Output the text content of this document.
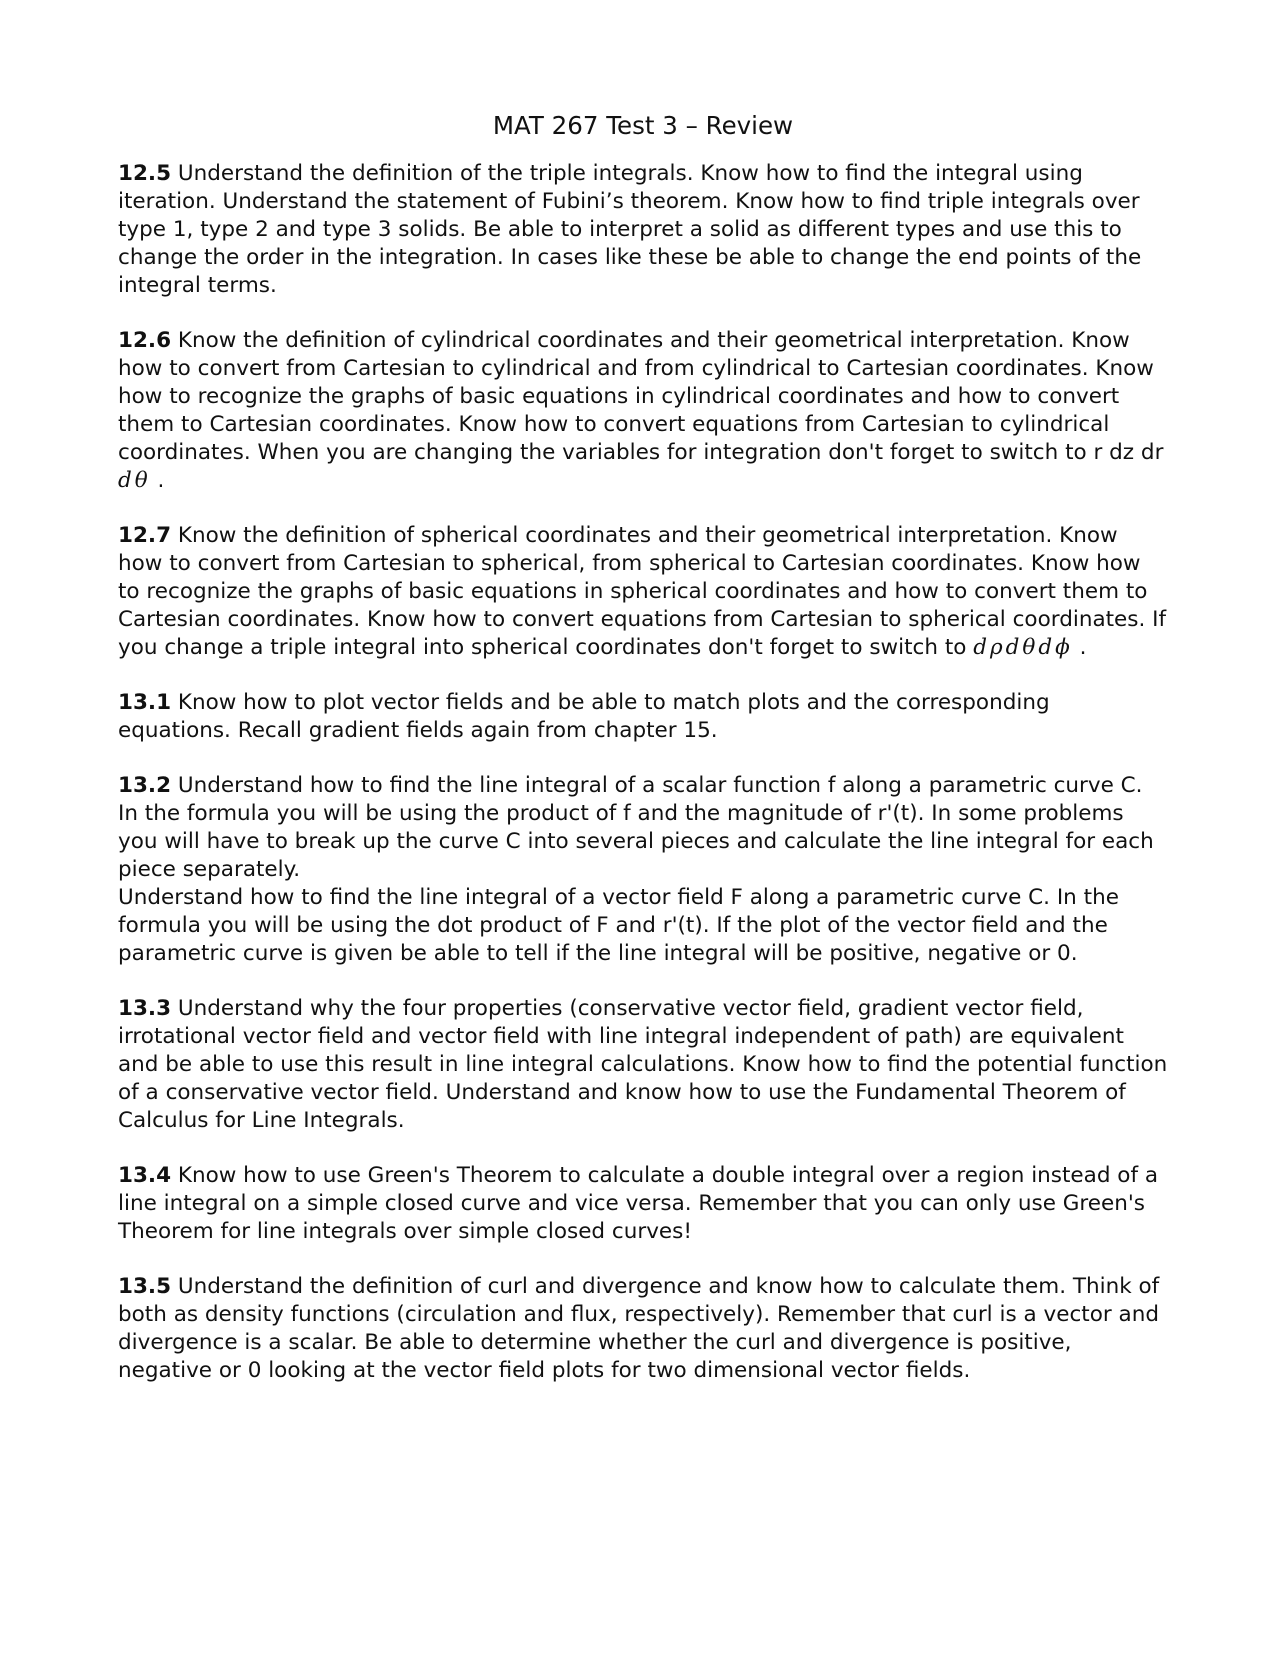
MAT 267 Test 3 – Review

12.5 Understand the definition of the triple integrals. Know how to find the integral using iteration. Understand the statement of Fubini’s theorem. Know how to find triple integrals over type 1, type 2 and type 3 solids. Be able to interpret a solid as different types and use this to change the order in the integration. In cases like these be able to change the end points of the integral terms.

12.6 Know the definition of cylindrical coordinates and their geometrical interpretation. Know how to convert from Cartesian to cylindrical and from cylindrical to Cartesian coordinates. Know how to recognize the graphs of basic equations in cylindrical coordinates and how to convert them to Cartesian coordinates. Know how to convert equations from Cartesian to cylindrical coordinates. When you are changing the variables for integration don't forget to switch to r dz dr dθ .

12.7 Know the definition of spherical coordinates and their geometrical interpretation. Know how to convert from Cartesian to spherical, from spherical to Cartesian coordinates. Know how to recognize the graphs of basic equations in spherical coordinates and how to convert them to Cartesian coordinates. Know how to convert equations from Cartesian to spherical coordinates. If you change a triple integral into spherical coordinates don't forget to switch to dρdθdϕ .

13.1 Know how to plot vector fields and be able to match plots and the corresponding equations. Recall gradient fields again from chapter 15.

13.2 Understand how to find the line integral of a scalar function f along a parametric curve C. In the formula you will be using the product of f and the magnitude of r'(t). In some problems you will have to break up the curve C into several pieces and calculate the line integral for each piece separately.

Understand how to find the line integral of a vector field F along a parametric curve C. In the formula you will be using the dot product of F and r'(t). If the plot of the vector field and the parametric curve is given be able to tell if the line integral will be positive, negative or 0.

13.3 Understand why the four properties (conservative vector field, gradient vector field, irrotational vector field and vector field with line integral independent of path) are equivalent and be able to use this result in line integral calculations. Know how to find the potential function of a conservative vector field. Understand and know how to use the Fundamental Theorem of Calculus for Line Integrals.

13.4 Know how to use Green's Theorem to calculate a double integral over a region instead of a line integral on a simple closed curve and vice versa. Remember that you can only use Green's Theorem for line integrals over simple closed curves!

13.5 Understand the definition of curl and divergence and know how to calculate them. Think of both as density functions (circulation and flux, respectively). Remember that curl is a vector and divergence is a scalar. Be able to determine whether the curl and divergence is positive, negative or 0 looking at the vector field plots for two dimensional vector fields.
